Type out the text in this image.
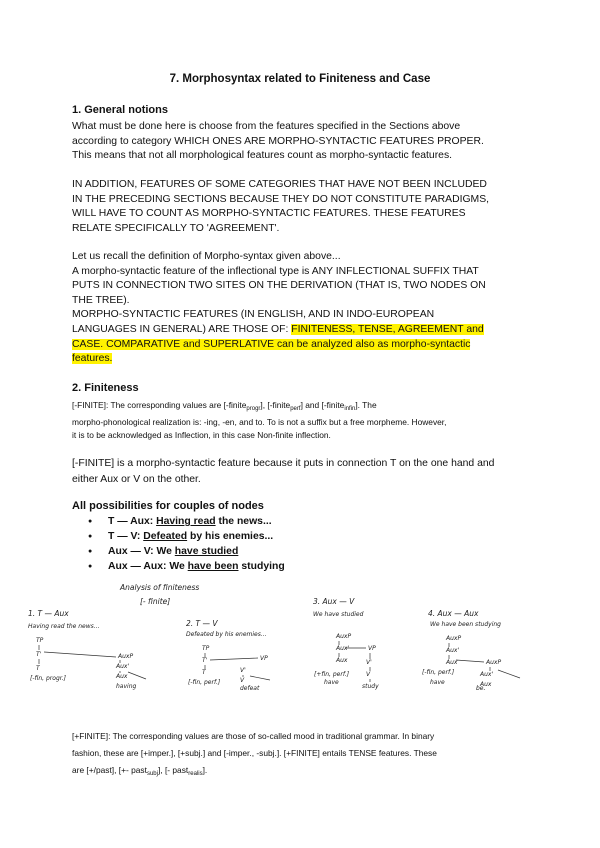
7. Morphosyntax related to Finiteness and Case
1. General notions
What must be done here is choose from the features specified in the Sections above
according to category WHICH ONES ARE MORPHO-SYNTACTIC FEATURES PROPER.
This means that not all morphological features count as morpho-syntactic features.
IN ADDITION, FEATURES OF SOME CATEGORIES THAT HAVE NOT BEEN INCLUDED
IN THE PRECEDING SECTIONS BECAUSE THEY DO NOT CONSTITUTE PARADIGMS,
WILL HAVE TO COUNT AS MORPHO-SYNTACTIC FEATURES. THESE FEATURES
RELATE SPECIFICALLY TO 'AGREEMENT'.
Let us recall the definition of Morpho-syntax given above...
A morpho-syntactic feature of the inflectional type is ANY INFLECTIONAL SUFFIX THAT
PUTS IN CONNECTION TWO SITES ON THE DERIVATION (THAT IS, TWO NODES ON
THE TREE).
MORPHO-SYNTACTIC FEATURES (IN ENGLISH, AND IN INDO-EUROPEAN
LANGUAGES IN GENERAL) ARE THOSE OF: FINITENESS, TENSE, AGREEMENT and
CASE. COMPARATIVE and SUPERLATIVE can be analyzed also as morpho-syntactic
features.
2. Finiteness
[-FINITE]: The corresponding values are [-finite$_{progr}$], [-finite$_{perf}$] and [-finite$_{infin}$]. The
morpho-phonological realization is: -ing, -en, and to. To is not a suffix but a free morpheme. However,
it is to be acknowledged as Inflection, in this case Non-finite inflection.
[-FINITE] is a morpho-syntactic feature because it puts in connection T on the one hand and
either Aux or V on the other.
All possibilities for couples of nodes
● T — Aux: Having read the news...
● T — V: Defeated by his enemies...
● Aux — V: We have studied
● Aux — Aux: We have been studying
Analysis of finiteness
[- finite]
1. T — Aux
Having read the news...
TP
T'
T
AuxP
Aux'
Aux
[-fin, progr.]
having
2. T — V
Defeated by his enemies...
TP
T'
T
VP
V'
V
[-fin, perf.]
defeat
3. Aux — V
We have studied
AuxP
Aux'
Aux
VP
V'
V
[+fin, perf.]
have
study
4. Aux — Aux
We have been studying
AuxP
Aux'
Aux	AuxP
Aux'
Aux
[-fin, perf.]
have
be,
[+FINITE]: The corresponding values are those of so-called mood in traditional grammar. In binary
fashion, these are [+imper.], [+subj.] and [-imper., -subj.]. [+FINITE] entails TENSE features. These
are [+/past], [+- past$_{subj}$], [- past$_{realis}$].
